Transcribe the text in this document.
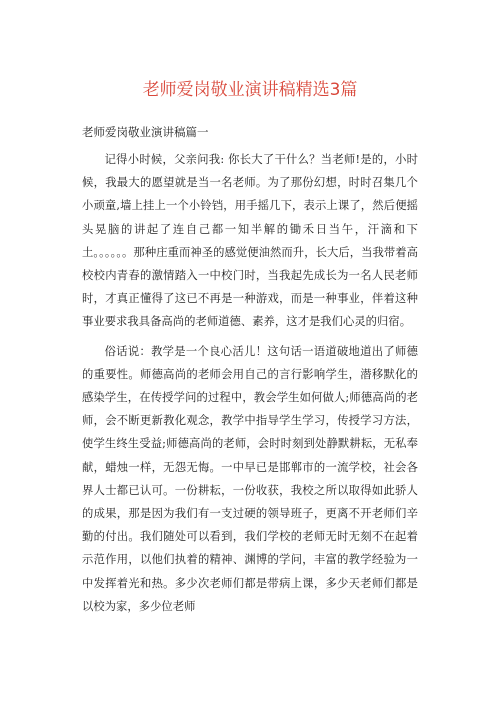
老师爱岗敬业演讲稿精选3篇
老师爱岗敬业演讲稿篇一

记得小时候，父亲问我: 你长大了干什么？当老师!是的，小时候，我最大的愿望就是当一名老师。为了那份幻想，时时召集几个小顽童,墙上挂上一个小铃铛，用手摇几下，表示上课了，然后便摇头晃脑的讲起了连自己都一知半解的锄禾日当午，汗滴和下土。。。。。。那种庄重而神圣的感觉便油然而升，长大后，当我带着高校校内青春的激情踏入一中校门时，当我起先成长为一名人民老师时，才真正懂得了这已不再是一种游戏，而是一种事业，伴着这种事业要求我具备高尚的老师道德、素养，这才是我们心灵的归宿。

俗话说：教学是一个良心活儿！这句话一语道破地道出了师德的重要性。师德高尚的老师会用自己的言行影响学生，潜移默化的感染学生，在传授学问的过程中，教会学生如何做人;师德高尚的老师，会不断更新教化观念，教学中指导学生学习，传授学习方法，使学生终生受益;师德高尚的老师，会时时刻到处静默耕耘，无私奉献，蜡烛一样，无怨无悔。一中早已是邯郸市的一流学校，社会各界人士都已认可。一份耕耘，一份收获，我校之所以取得如此骄人的成果，那是因为我们有一支过硬的领导班子，更离不开老师们辛勤的付出。我们随处可以看到，我们学校的老师无时无刻不在起着示范作用，以他们执着的精神、渊博的学问，丰富的教学经验为一中发挥着光和热。多少次老师们都是带病上课，多少天老师们都是以校为家，多少位老师
